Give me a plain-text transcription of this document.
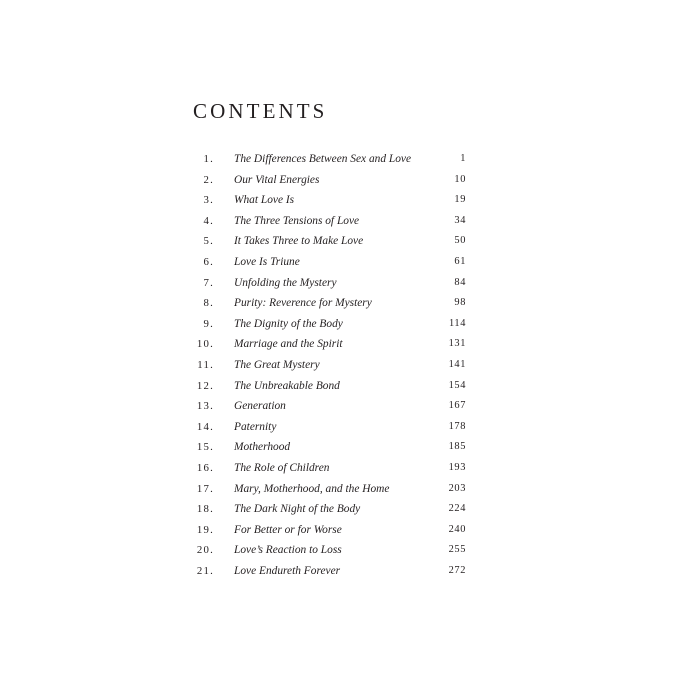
CONTENTS
1. The Differences Between Sex and Love	1
2. Our Vital Energies	10
3. What Love Is	19
4. The Three Tensions of Love	34
5. It Takes Three to Make Love	50
6. Love Is Triune	61
7. Unfolding the Mystery	84
8. Purity: Reverence for Mystery	98
9. The Dignity of the Body	114
10. Marriage and the Spirit	131
11. The Great Mystery	141
12. The Unbreakable Bond	154
13. Generation	167
14. Paternity	178
15. Motherhood	185
16. The Role of Children	193
17. Mary, Motherhood, and the Home	203
18. The Dark Night of the Body	224
19. For Better or for Worse	240
20. Love’s Reaction to Loss	255
21. Love Endureth Forever	272
